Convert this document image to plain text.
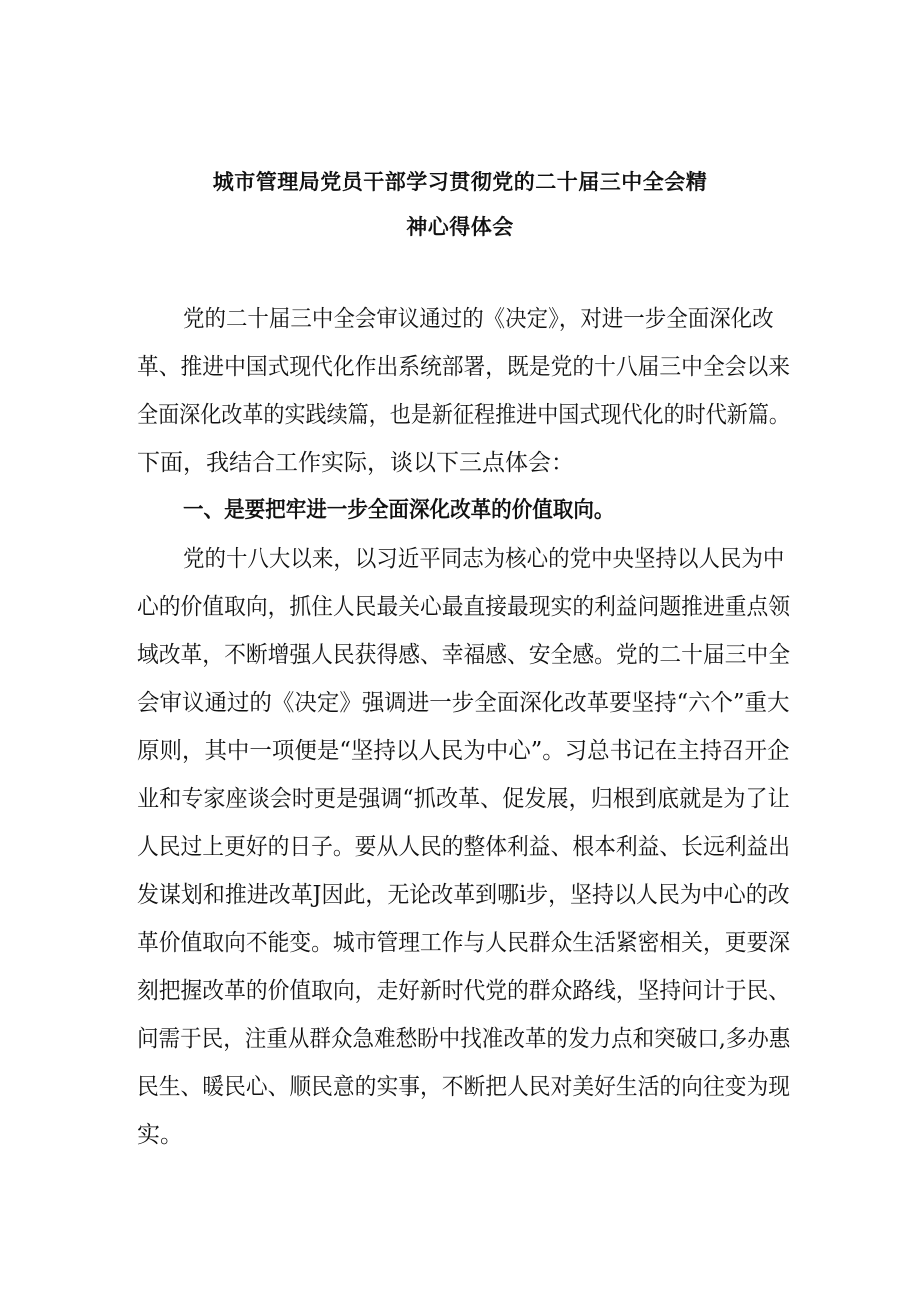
城市管理局党员干部学习贯彻党的二十届三中全会精
神心得体会
党的二十届三中全会审议通过的《决定》，对进一步全面深化改
革、推进中国式现代化作出系统部署，既是党的十八届三中全会以来
全面深化改革的实践续篇，也是新征程推进中国式现代化的时代新篇。
下面，我结合工作实际，谈以下三点体会：
一、是要把牢进一步全面深化改革的价值取向。
党的十八大以来，以习近平同志为核心的党中央坚持以人民为中
心的价值取向，抓住人民最关心最直接最现实的利益问题推进重点领
域改革，不断增强人民获得感、幸福感、安全感。党的二十届三中全
会审议通过的《决定》强调进一步全面深化改革要坚持“六个”重大
原则，其中一项便是“坚持以人民为中心”。习总书记在主持召开企
业和专家座谈会时更是强调“抓改革、促发展，归根到底就是为了让
人民过上更好的日子。要从人民的整体利益、根本利益、长远利益出
发谋划和推进改革J因此，无论改革到哪i步，坚持以人民为中心的改
革价值取向不能变。城市管理工作与人民群众生活紧密相关，更要深
刻把握改革的价值取向，走好新时代党的群众路线，坚持问计于民、
问需于民，注重从群众急难愁盼中找准改革的发力点和突破口,多办惠
民生、暖民心、顺民意的实事，不断把人民对美好生活的向往变为现
实。
